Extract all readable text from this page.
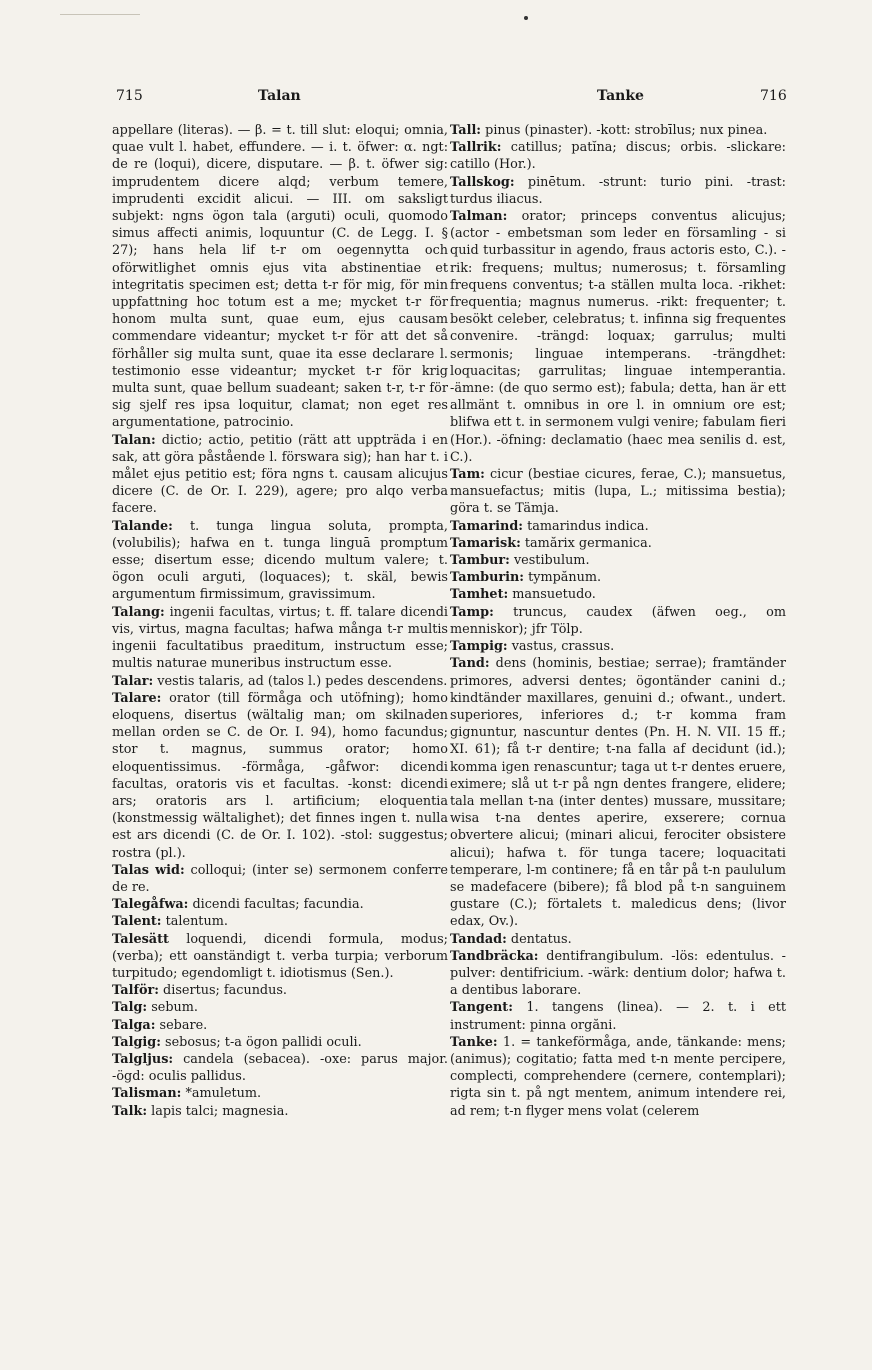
715	Talan	Tanke	716

appellare (literas). — β. = t. till slut: eloqui; omnia, quae vult l. habet, effundere. — i. t. öfwer: α. ngt: de re (loqui), dicere, disputare. — β. t. öfwer sig: imprudentem dicere alqd; verbum temere, imprudenti excidit alicui. — III. om saksligt subjekt: ngns ögon tala (arguti) oculi, quomodo simus affecti animis, loquuntur (C. de Legg. I. § 27); hans hela lif t-r om oegennytta och oförwitlighet omnis ejus vita abstinentiae et integritatis specimen est; detta t-r för mig, för min uppfattning hoc totum est a me; mycket t-r för honom multa sunt, quae eum, ejus causam commendare videantur; mycket t-r för att det så förhåller sig multa sunt, quae ita esse declarare l. testimonio esse videantur; mycket t-r för krig multa sunt, quae bellum suadeant; saken t-r, t-r för sig sjelf res ipsa loquitur, clamat; non eget res argumentatione, patrocinio.

Talan: dictio; actio, petitio (rätt att uppträda i en sak, att göra påstående l. förswara sig); han har t. i målet ejus petitio est; föra ngns t. causam alicujus dicere (C. de Or. I. 229), agere; pro alqo verba facere.

Talande: t. tunga lingua soluta, prompta, (volubilis); hafwa en t. tunga linguā promptum esse; disertum esse; dicendo multum valere; t. ögon oculi arguti, (loquaces); t. skäl, bewis argumentum firmissimum, gravissimum.

Talang: ingenii facultas, virtus; t. ff. talare dicendi vis, virtus, magna facultas; hafwa många t-r multis ingenii facultatibus praeditum, instructum esse; multis naturae muneribus instructum esse.

Talar: vestis talaris, ad (talos l.) pedes descendens.

Talare: orator (till förmåga och utöfning); homo eloquens, disertus (wältalig man; om skilnaden mellan orden se C. de Or. I. 94), homo facundus; stor t. magnus, summus orator; homo eloquentissimus. -förmåga, -gåfwor: dicendi facultas, oratoris vis et facultas. -konst: dicendi ars; oratoris ars l. artificium; eloquentia (konstmessig wältalighet); det finnes ingen t. nulla est ars dicendi (C. de Or. I. 102). -stol: suggestus; rostra (pl.).

Talas wid: colloqui; (inter se) sermonem conferre de re.

Talegåfwa: dicendi facultas; facundia.

Talent: talentum.

Talesätt loquendi, dicendi formula, modus; (verba); ett oanständigt t. verba turpia; verborum turpitudo; egendomligt t. idiotismus (Sen.).

Talför: disertus; facundus.

Talg: sebum.

Talga: sebare.

Talgig: sebosus; t-a ögon pallidi oculi.

Talgljus: candela (sebacea). -oxe: parus major. -ögd: oculis pallidus.

Talisman: *amuletum.

Talk: lapis talci; magnesia.

Tall: pinus (pinaster). -kott: strobīlus; nux pinea.

Tallrik: catillus; patĭna; discus; orbis. -slickare: catillo (Hor.).

Tallskog: pinētum. -strunt: turio pini. -trast: turdus iliacus.

Talman: orator; princeps conventus alicujus; (actor - embetsman som leder en församling - si quid turbassitur in agendo, fraus actoris esto, C.). -rik: frequens; multus; numerosus; t. församling frequens conventus; t-a ställen multa loca. -rikhet: frequentia; magnus numerus. -rikt: frequenter; t. besökt celeber, celebratus; t. infinna sig frequentes convenire. -trängd: loquax; garrulus; multi sermonis; linguae intemperans. -trängdhet: loquacitas; garrulitas; linguae intemperantia. -ämne: (de quo sermo est); fabula; detta, han är ett allmänt t. omnibus in ore l. in omnium ore est; blifwa ett t. in sermonem vulgi venire; fabulam fieri (Hor.). -öfning: declamatio (haec mea senilis d. est, C.).

Tam: cicur (bestiae cicures, ferae, C.); mansuetus, mansuefactus; mitis (lupa, L.; mitissima bestia); göra t. se Tämja.

Tamarind: tamarindus indica.

Tamarisk: tamărix germanica.

Tambur: vestibulum.

Tamburin: tympănum.

Tamhet: mansuetudo.

Tamp: truncus, caudex (äfwen oeg., om menniskor); jfr Tölp.

Tampig: vastus, crassus.

Tand: dens (hominis, bestiae; serrae); framtänder primores, adversi dentes; ögontänder canini d.; kindtänder maxillares, genuini d.; ofwant., undert. superiores, inferiores d.; t-r komma fram gignuntur, nascuntur dentes (Pn. H. N. VII. 15 ff.; XI. 61); få t-r dentire; t-na falla af decidunt (id.); komma igen renascuntur; taga ut t-r dentes eruere, eximere; slå ut t-r på ngn dentes frangere, elidere; tala mellan t-na (inter dentes) mussare, mussitare; wisa t-na dentes aperire, exserere; cornua obvertere alicui; (minari alicui, ferociter obsistere alicui); hafwa t. för tunga tacere; loquacitati temperare, l-m continere; få en tår på t-n paululum se madefacere (bibere); få blod på t-n sanguinem gustare (C.); förtalets t. maledicus dens; (livor edax, Ov.).

Tandad: dentatus.

Tandbräcka: dentifrangibulum. -lös: edentulus. -pulver: dentifricium. -wärk: dentium dolor; hafwa t. a dentibus laborare.

Tangent: 1. tangens (linea). — 2. t. i ett instrument: pinna orgăni.

Tanke: 1. = tankeförmåga, ande, tänkande: mens; (animus); cogitatio; fatta med t-n mente percipere, complecti, comprehendere (cernere, contemplari); rigta sin t. på ngt mentem, animum intendere rei, ad rem; t-n flyger mens volat (celerem
